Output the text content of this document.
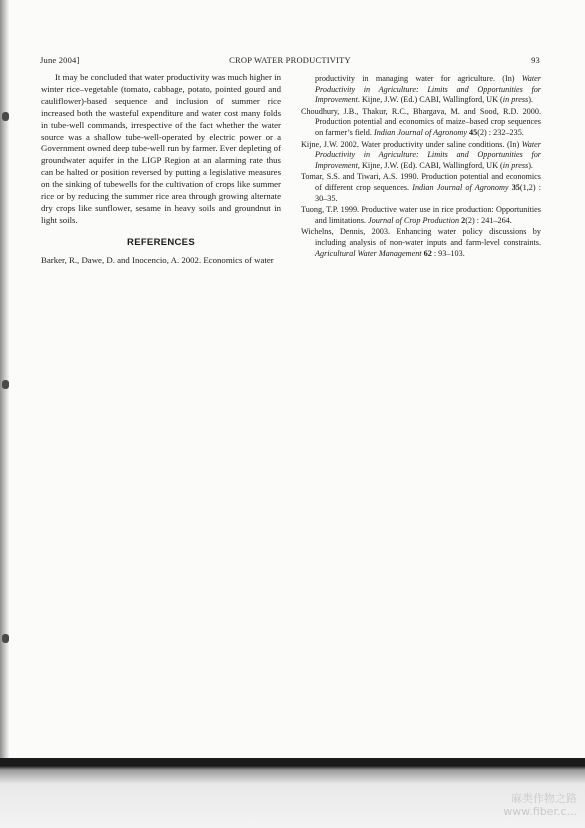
June 2004]	CROP WATER PRODUCTIVITY	93

It may be concluded that water productivity was much higher in winter rice–vegetable (tomato, cabbage, potato, pointed gourd and cauliflower)-based sequence and inclusion of summer rice increased both the wasteful expenditure and water cost many folds in tube-well commands, irrespective of the fact whether the water source was a shallow tube-well-operated by electric power or a Government owned deep tube-well run by farmer. Ever depleting of groundwater aquifer in the LIGP Region at an alarming rate thus can be halted or position reversed by putting a legislative measures on the sinking of tubewells for the cultivation of crops like summer rice or by reducing the summer rice area through growing alternate dry crops like sunflower, sesame in heavy soils and groundnut in light soils.

REFERENCES
Barker, R., Dawe, D. and Inocencio, A. 2002. Economics of water
productivity in managing water for agriculture. (In) Water Productivity in Agriculture: Limits and Opportunities for Improvement. Kijne, J.W. (Ed.) CABI, Wallingford, UK (in press).
Choudhury, J.B., Thakur, R.C., Bhargava, M. and Sood, R.D. 2000. Production potential and economics of maize–based crop sequences on farmer’s field. Indian Journal of Agronomy 45(2) : 232–235.
Kijne, J.W. 2002. Water productivity under saline conditions. (In) Water Productivity in Agriculture: Limits and Opportunities for Improvement, Kijne, J.W. (Ed). CABI, Wallingford, UK (in press).
Tomar, S.S. and Tiwari, A.S. 1990. Production potential and economics of different crop sequences. Indian Journal of Agronomy 35(1,2) : 30–35.
Tuong, T.P. 1999. Productive water use in rice production: Opportunities and limitations. Journal of Crop Production 2(2) : 241–264.
Wichelns, Dennis, 2003. Enhancing water policy discussions by including analysis of non-water inputs and farm-level constraints. Agricultural Water Management 62 : 93–103.
麻类作物之路
www.fiber.c...
